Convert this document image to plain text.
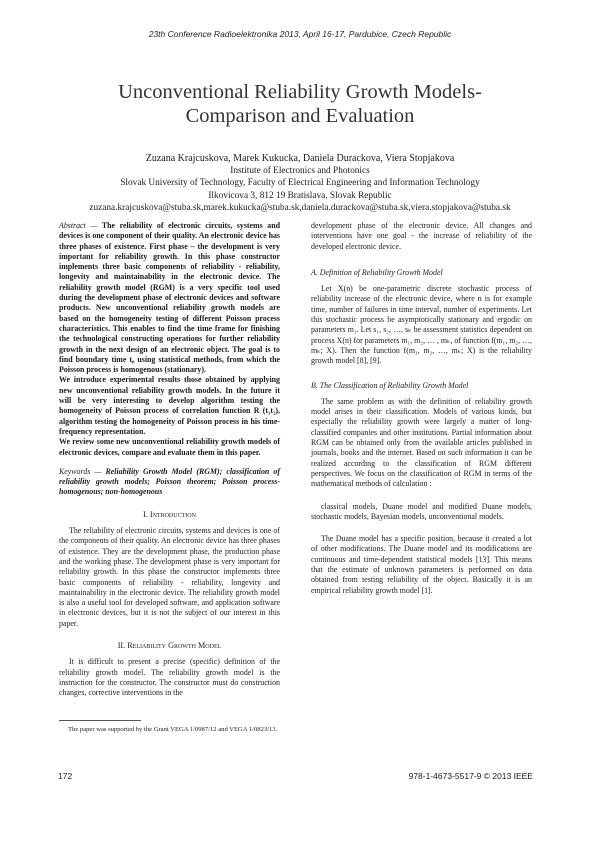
23th Conference Radioelektronika 2013, April 16-17, Pardubice, Czech Republic
Unconventional Reliability Growth Models-
Comparison and Evaluation
Zuzana Krajcuskova, Marek Kukucka, Daniela Durackova, Viera Stopjakova
Institute of Electronics and Photonics
Slovak University of Technology, Faculty of Electrical Engineering and Information Technology
Ilkovicova 3, 812 19 Bratislava, Slovak Republic
zuzana.krajcuskova@stuba.sk,marek.kukucka@stuba.sk,daniela.durackova@stuba.sk,viera.stopjakova@stuba.sk

Abstract — The reliability of electronic circuits, systems and devices is one component of their quality. An electronic device has three phases of existence. First phase – the development is very important for reliability growth. In this phase constructor implements three basic components of reliability - reliability, longevity and maintainability in the electronic device. The reliability growth model (RGM) is a very specific tool used during the development phase of electronic devices and software products. New unconventional reliability growth models are based on the homogeneity testing of different Poisson process characteristics. This enables to find the time frame for finishing the technological constructing operations for further reliability growth in the next design of an electronic object. The goal is to find boundary time t₀ using statistical methods, from which the Poisson process is homogenous (stationary).

We introduce experimental results those obtained by applying new unconventional reliability growth models. In the future it will be very interesting to develop algorithm testing the homogeneity of Poisson process of correlation function R (t₁t₂), algorithm testing the homogeneity of Poisson process in his time-frequency representation.

We review some new unconventional reliability growth models of electronic devices, compare and evaluate them in this paper.

Keywords — Reliability Growth Model (RGM); classification of reliability growth models; Poisson theorem; Poisson process-homogenous; non-homogenous

I. Introduction

The reliability of electronic circuits, systems and devices is one of the components of their quality. An electronic device has three phases of existence. They are the development phase, the production phase and the working phase. The development phase is very important for reliability growth. In this phase the constructor implements three basic components of reliability - reliability, longevity and maintainability in the electronic device. The reliability growth model is also a useful tool for developed software, and application software in electronic devices, but it is not the subject of our interest in this paper.

II. Reliability Growth Model

It is difficult to present a precise (specific) definition of the reliability growth model. The reliability growth model is the instruction for the constructor. The constructor must do construction changes, corrective interventions in the

development phase of the electronic device. All changes and interventions have one goal - the increase of reliability of the developed electronic device.

A. Definition of Reliability Growth Model

Let X(n) be one-parametric discrete stochastic process of reliability increase of the electronic device, where n is for example time, number of failures in time interval, number of experiments. Let this stochastic process be asymptotically stationary and ergodic on parameters m₁. Let s₁, s₂, …, sₖ be assessment statistics dependent on process X(n) for parameters m₁, m₂, … , mₖ, of function f(m₁, m₂, …, mₖ; X). Then the function f(m₁, m₂, …, mₖ; X) is the reliability growth model [8], [9].

B. The Classification of Reliability Growth Model

The same problem as with the definition of reliability growth model arises in their classification. Models of various kinds, but especially the reliability growth were largely a matter of long-classified companies and other institutions. Partial information about RGM can be obtained only from the available articles published in journals, books and the internet. Based on such information it can be realized according to the classification of RGM different perspectives. We focus on the classification of RGM in terms of the mathematical methods of calculation :

classical models, Duane model and modified Duane models, stochastic models, Bayesian models, unconventional models.

The Duane model has a specific position, because it created a lot of other modifications. The Duane model and its modifications are continuous and time-dependent statistical models [13]. This means that the estimate of unknown parameters is performed on data obtained from testing reliability of the object. Basically it is an empirical reliability growth model [1].

The paper was supported by the Grant VEGA 1/0987/12 and VEGA 1/0823/13.
172	978-1-4673-5517-9 © 2013 IEEE
